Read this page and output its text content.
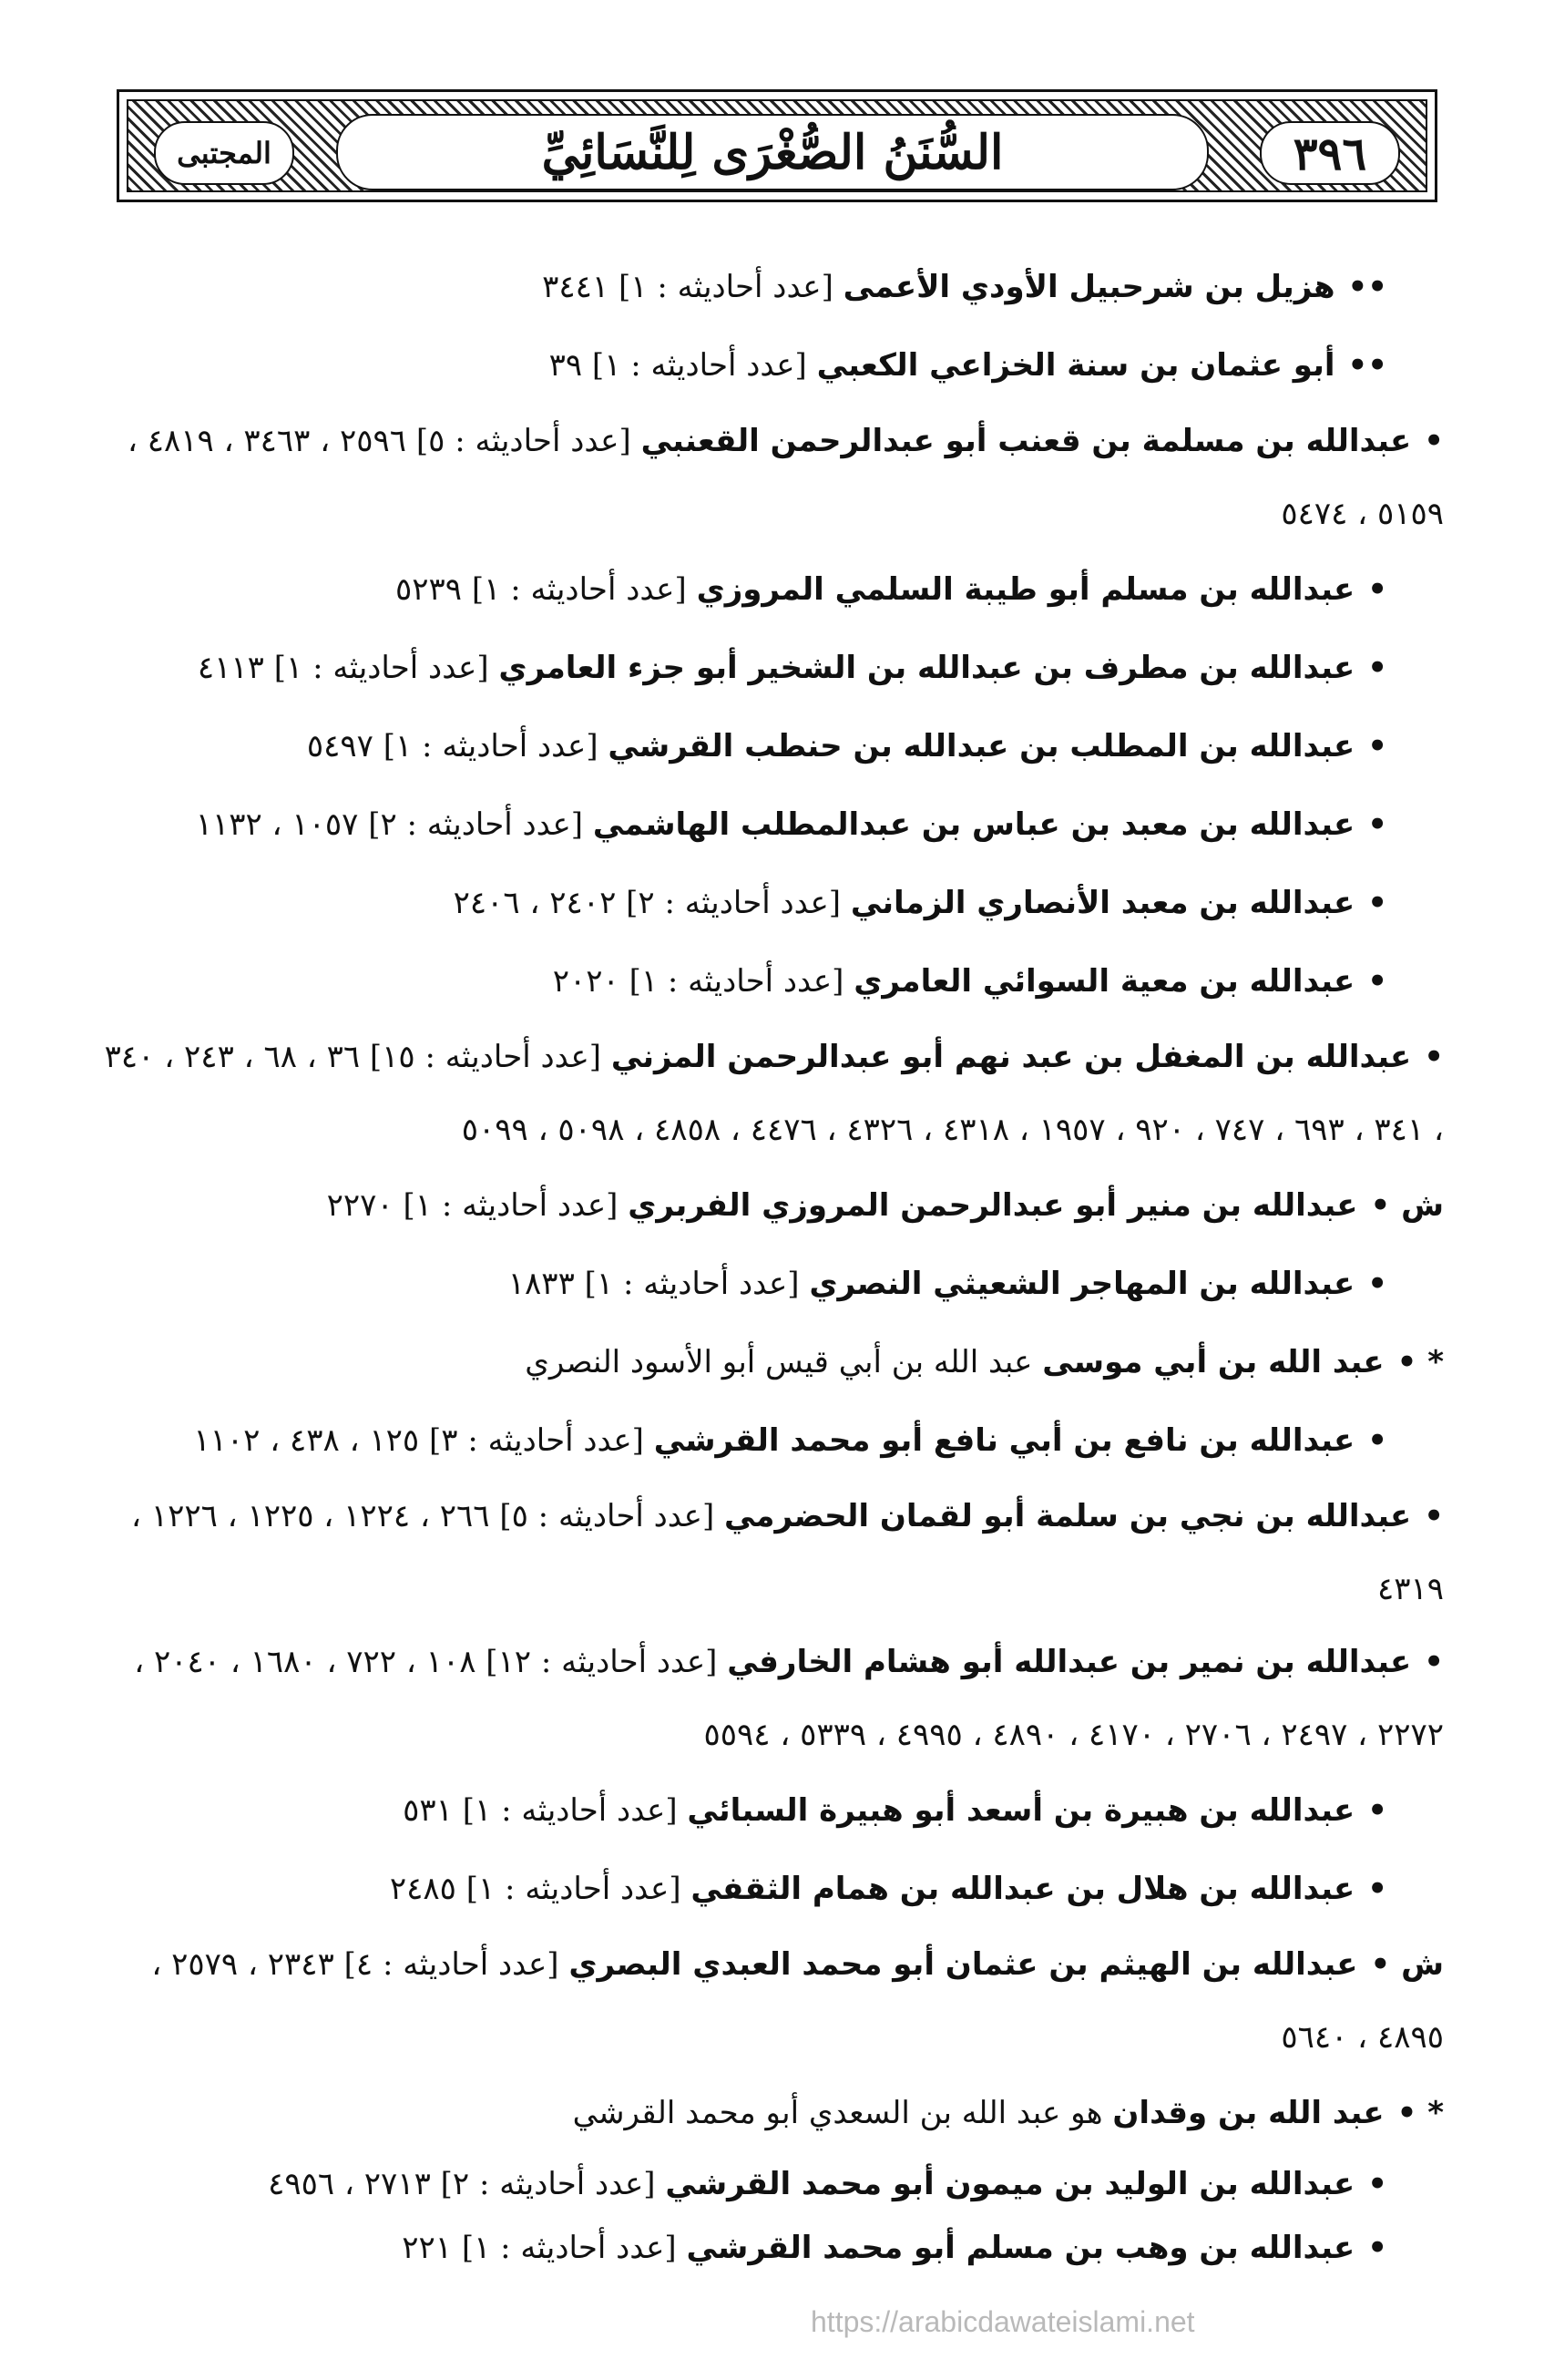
٣٩٦
السُّنَنُ الصُّغْرَى لِلنَّسَائِيِّ
المجتبى
••هزيل بن شرحبيل الأودي الأعمى [عدد أحاديثه : ١] ٣٤٤١
••أبو عثمان بن سنة الخزاعي الكعبي [عدد أحاديثه : ١] ٣٩
•عبدالله بن مسلمة بن قعنب أبو عبدالرحمن القعنبي [عدد أحاديثه : ٥] ٢٥٩٦ ، ٣٤٦٣ ، ٤٨١٩ ، ٥١٥٩ ، ٥٤٧٤
•عبدالله بن مسلم أبو طيبة السلمي المروزي [عدد أحاديثه : ١] ٥٢٣٩
•عبدالله بن مطرف بن عبدالله بن الشخير أبو جزء العامري [عدد أحاديثه : ١] ٤١١٣
•عبدالله بن المطلب بن عبدالله بن حنطب القرشي [عدد أحاديثه : ١] ٥٤٩٧
•عبدالله بن معبد بن عباس بن عبدالمطلب الهاشمي [عدد أحاديثه : ٢] ١٠٥٧ ، ١١٣٢
•عبدالله بن معبد الأنصاري الزماني [عدد أحاديثه : ٢] ٢٤٠٢ ، ٢٤٠٦
•عبدالله بن معية السوائي العامري [عدد أحاديثه : ١] ٢٠٢٠
•عبدالله بن المغفل بن عبد نهم أبو عبدالرحمن المزني [عدد أحاديثه : ١٥] ٣٦ ، ٦٨ ، ٢٤٣ ، ٣٤٠ ، ٣٤١ ، ٦٩٣ ، ٧٤٧ ، ٩٢٠ ، ١٩٥٧ ، ٤٣١٨ ، ٤٣٢٦ ، ٤٤٧٦ ، ٤٨٥٨ ، ٥٠٩٨ ، ٥٠٩٩
ش •عبدالله بن منير أبو عبدالرحمن المروزي الفربري [عدد أحاديثه : ١] ٢٢٧٠
•عبدالله بن المهاجر الشعيثي النصري [عدد أحاديثه : ١] ١٨٣٣
* •عبد الله بن أبي موسى عبد الله بن أبي قيس أبو الأسود النصري
•عبدالله بن نافع بن أبي نافع أبو محمد القرشي [عدد أحاديثه : ٣] ١٢٥ ، ٤٣٨ ، ١١٠٢
•عبدالله بن نجي بن سلمة أبو لقمان الحضرمي [عدد أحاديثه : ٥] ٢٦٦ ، ١٢٢٤ ، ١٢٢٥ ، ١٢٢٦ ، ٤٣١٩
•عبدالله بن نمير بن عبدالله أبو هشام الخارفي [عدد أحاديثه : ١٢] ١٠٨ ، ٧٢٢ ، ١٦٨٠ ، ٢٠٤٠ ، ٢٢٧٢ ، ٢٤٩٧ ، ٢٧٠٦ ، ٤١٧٠ ، ٤٨٩٠ ، ٤٩٩٥ ، ٥٣٣٩ ، ٥٥٩٤
•عبدالله بن هبيرة بن أسعد أبو هبيرة السبائي [عدد أحاديثه : ١] ٥٣١
•عبدالله بن هلال بن عبدالله بن همام الثقفي [عدد أحاديثه : ١] ٢٤٨٥
ش •عبدالله بن الهيثم بن عثمان أبو محمد العبدي البصري [عدد أحاديثه : ٤] ٢٣٤٣ ، ٢٥٧٩ ، ٤٨٩٥ ، ٥٦٤٠
* •عبد الله بن وقدان هو عبد الله بن السعدي أبو محمد القرشي
•عبدالله بن الوليد بن ميمون أبو محمد القرشي [عدد أحاديثه : ٢] ٢٧١٣ ، ٤٩٥٦
•عبدالله بن وهب بن مسلم أبو محمد القرشي [عدد أحاديثه : ١] ٢٢١
https://arabicdawateislami.net
